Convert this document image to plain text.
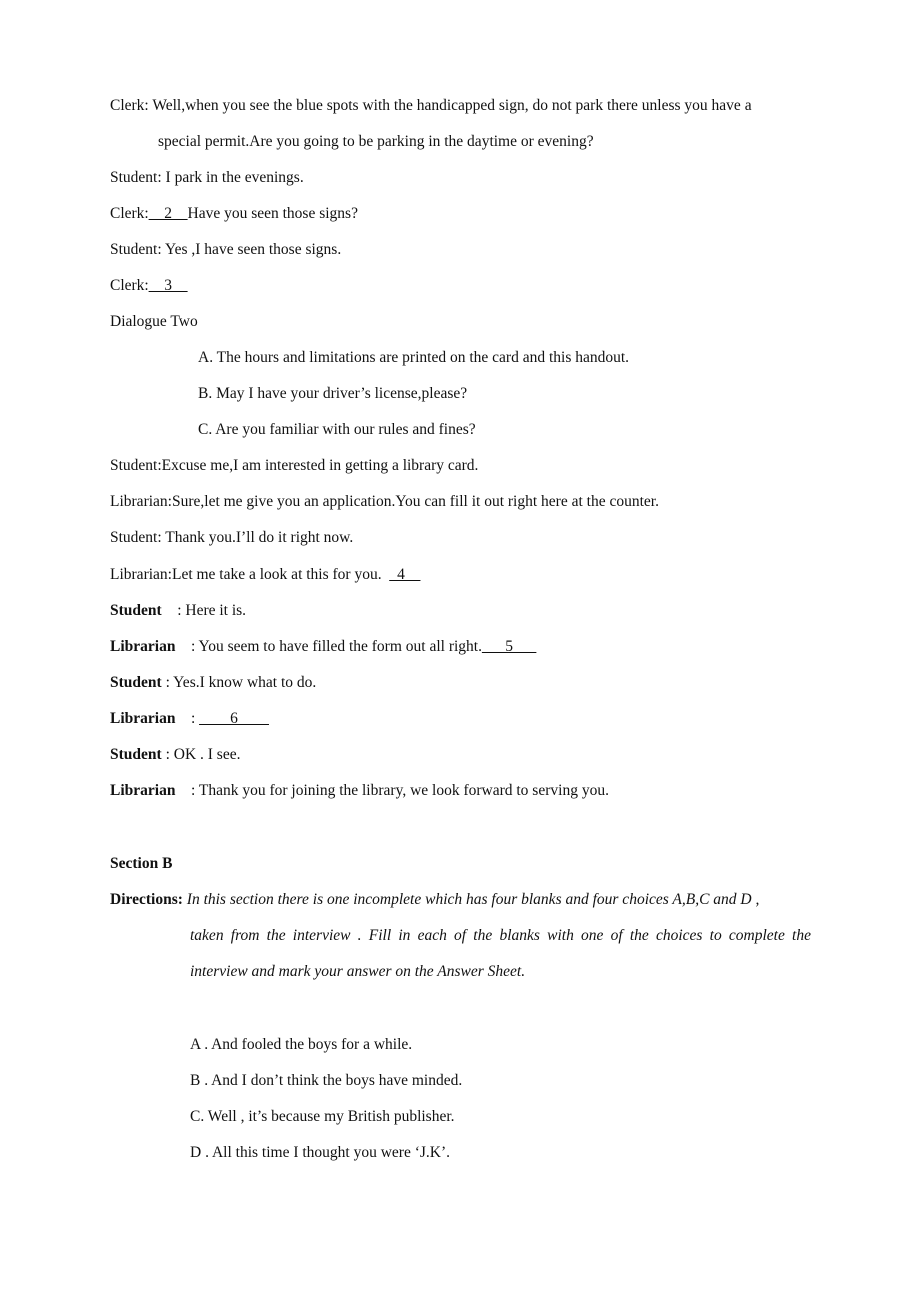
Clerk: Well,when you see the blue spots with the handicapped sign, do not park there unless you have a
special permit.Are you going to be parking in the daytime or evening?
Student: I park in the evenings.
Clerk:__2__Have you seen those signs?
Student: Yes ,I have seen those signs.
Clerk:__3__
Dialogue Two
A. The hours and limitations are printed on the card and this handout.
B. May I have your driver’s license,please?
C. Are you familiar with our rules and fines?
Student:Excuse me,I am interested in getting a library card.
Librarian:Sure,let me give you an application.You can fill it out right here at the counter.
Student: Thank you.I’ll do it right now.
Librarian:Let me take a look at this for you. _4__
Student : Here it is.
Librarian : You seem to have filled the form out all right.___5___
Student : Yes.I know what to do.
Librarian : ____6____
Student : OK . I see.
Librarian : Thank you for joining the library, we look forward to serving you.
Section B
Directions: In this section there is one incomplete which has four blanks and four choices A,B,C and D ,
taken from the interview . Fill in each of the blanks with one of the choices to complete the
interview and mark your answer on the Answer Sheet.
A . And fooled the boys for a while.
B . And I don’t think the boys have minded.
C. Well , it’s because my British publisher.
D . All this time I thought you were ‘J.K’.
